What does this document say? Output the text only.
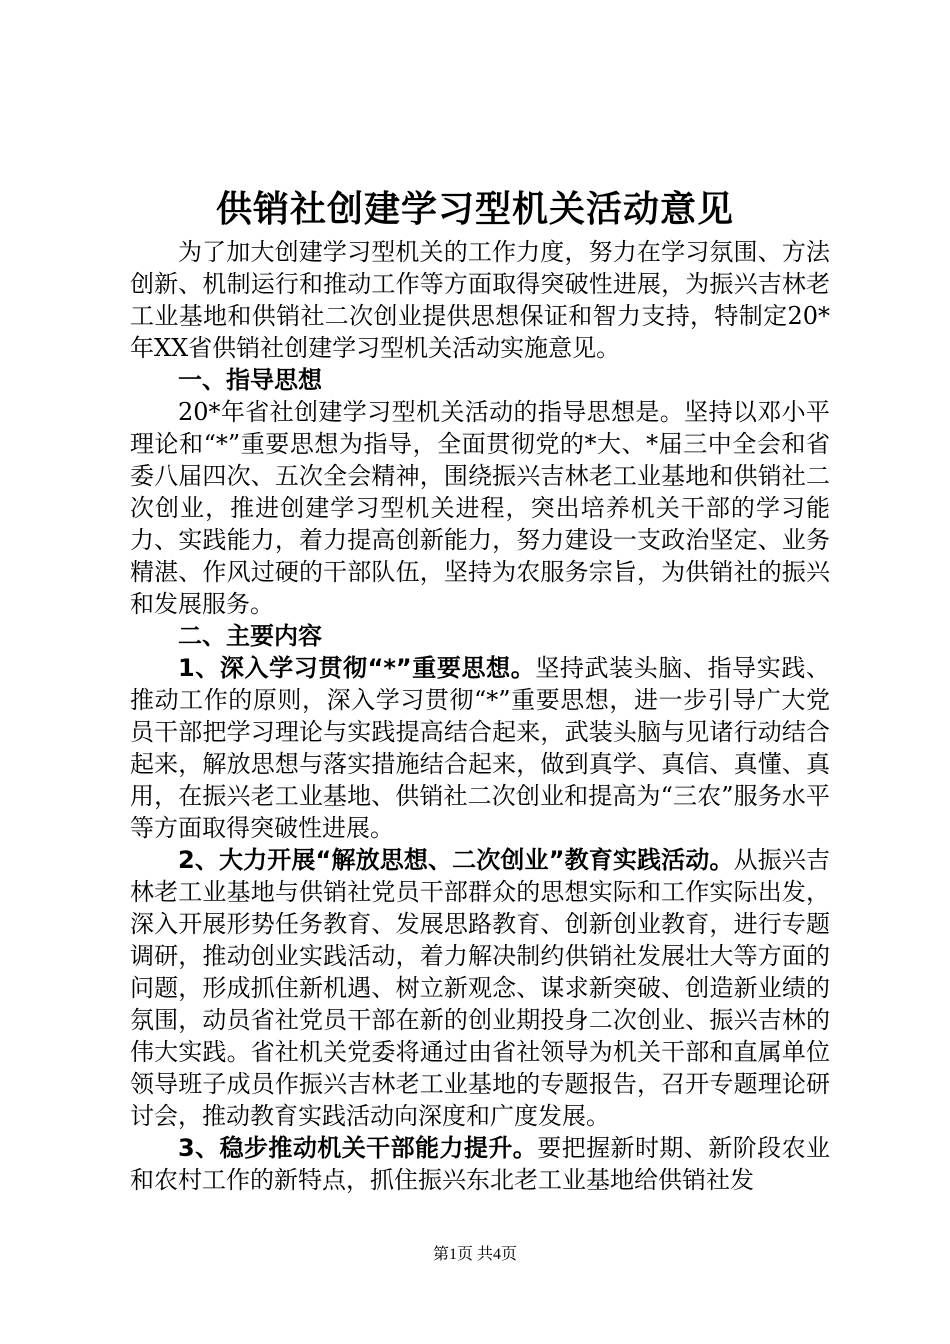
供销社创建学习型机关活动意见

为了加大创建学习型机关的工作力度，努力在学习氛围、方法创新、机制运行和推动工作等方面取得突破性进展，为振兴吉林老工业基地和供销社二次创业提供思想保证和智力支持，特制定20*年XX省供销社创建学习型机关活动实施意见。

一、指导思想

20*年省社创建学习型机关活动的指导思想是。坚持以邓小平理论和“*”重要思想为指导，全面贯彻党的*大、*届三中全会和省委八届四次、五次全会精神，围绕振兴吉林老工业基地和供销社二次创业，推进创建学习型机关进程，突出培养机关干部的学习能力、实践能力，着力提高创新能力，努力建设一支政治坚定、业务精湛、作风过硬的干部队伍，坚持为农服务宗旨，为供销社的振兴和发展服务。

二、主要内容

1、深入学习贯彻“*”重要思想。坚持武装头脑、指导实践、推动工作的原则，深入学习贯彻“*”重要思想，进一步引导广大党员干部把学习理论与实践提高结合起来，武装头脑与见诸行动结合起来，解放思想与落实措施结合起来，做到真学、真信、真懂、真用，在振兴老工业基地、供销社二次创业和提高为“三农”服务水平等方面取得突破性进展。

2、大力开展“解放思想、二次创业”教育实践活动。从振兴吉林老工业基地与供销社党员干部群众的思想实际和工作实际出发，深入开展形势任务教育、发展思路教育、创新创业教育，进行专题调研，推动创业实践活动，着力解决制约供销社发展壮大等方面的问题，形成抓住新机遇、树立新观念、谋求新突破、创造新业绩的氛围，动员省社党员干部在新的创业期投身二次创业、振兴吉林的伟大实践。省社机关党委将通过由省社领导为机关干部和直属单位领导班子成员作振兴吉林老工业基地的专题报告，召开专题理论研讨会，推动教育实践活动向深度和广度发展。

3、稳步推动机关干部能力提升。要把握新时期、新阶段农业和农村工作的新特点，抓住振兴东北老工业基地给供销社发

第1页 共4页
